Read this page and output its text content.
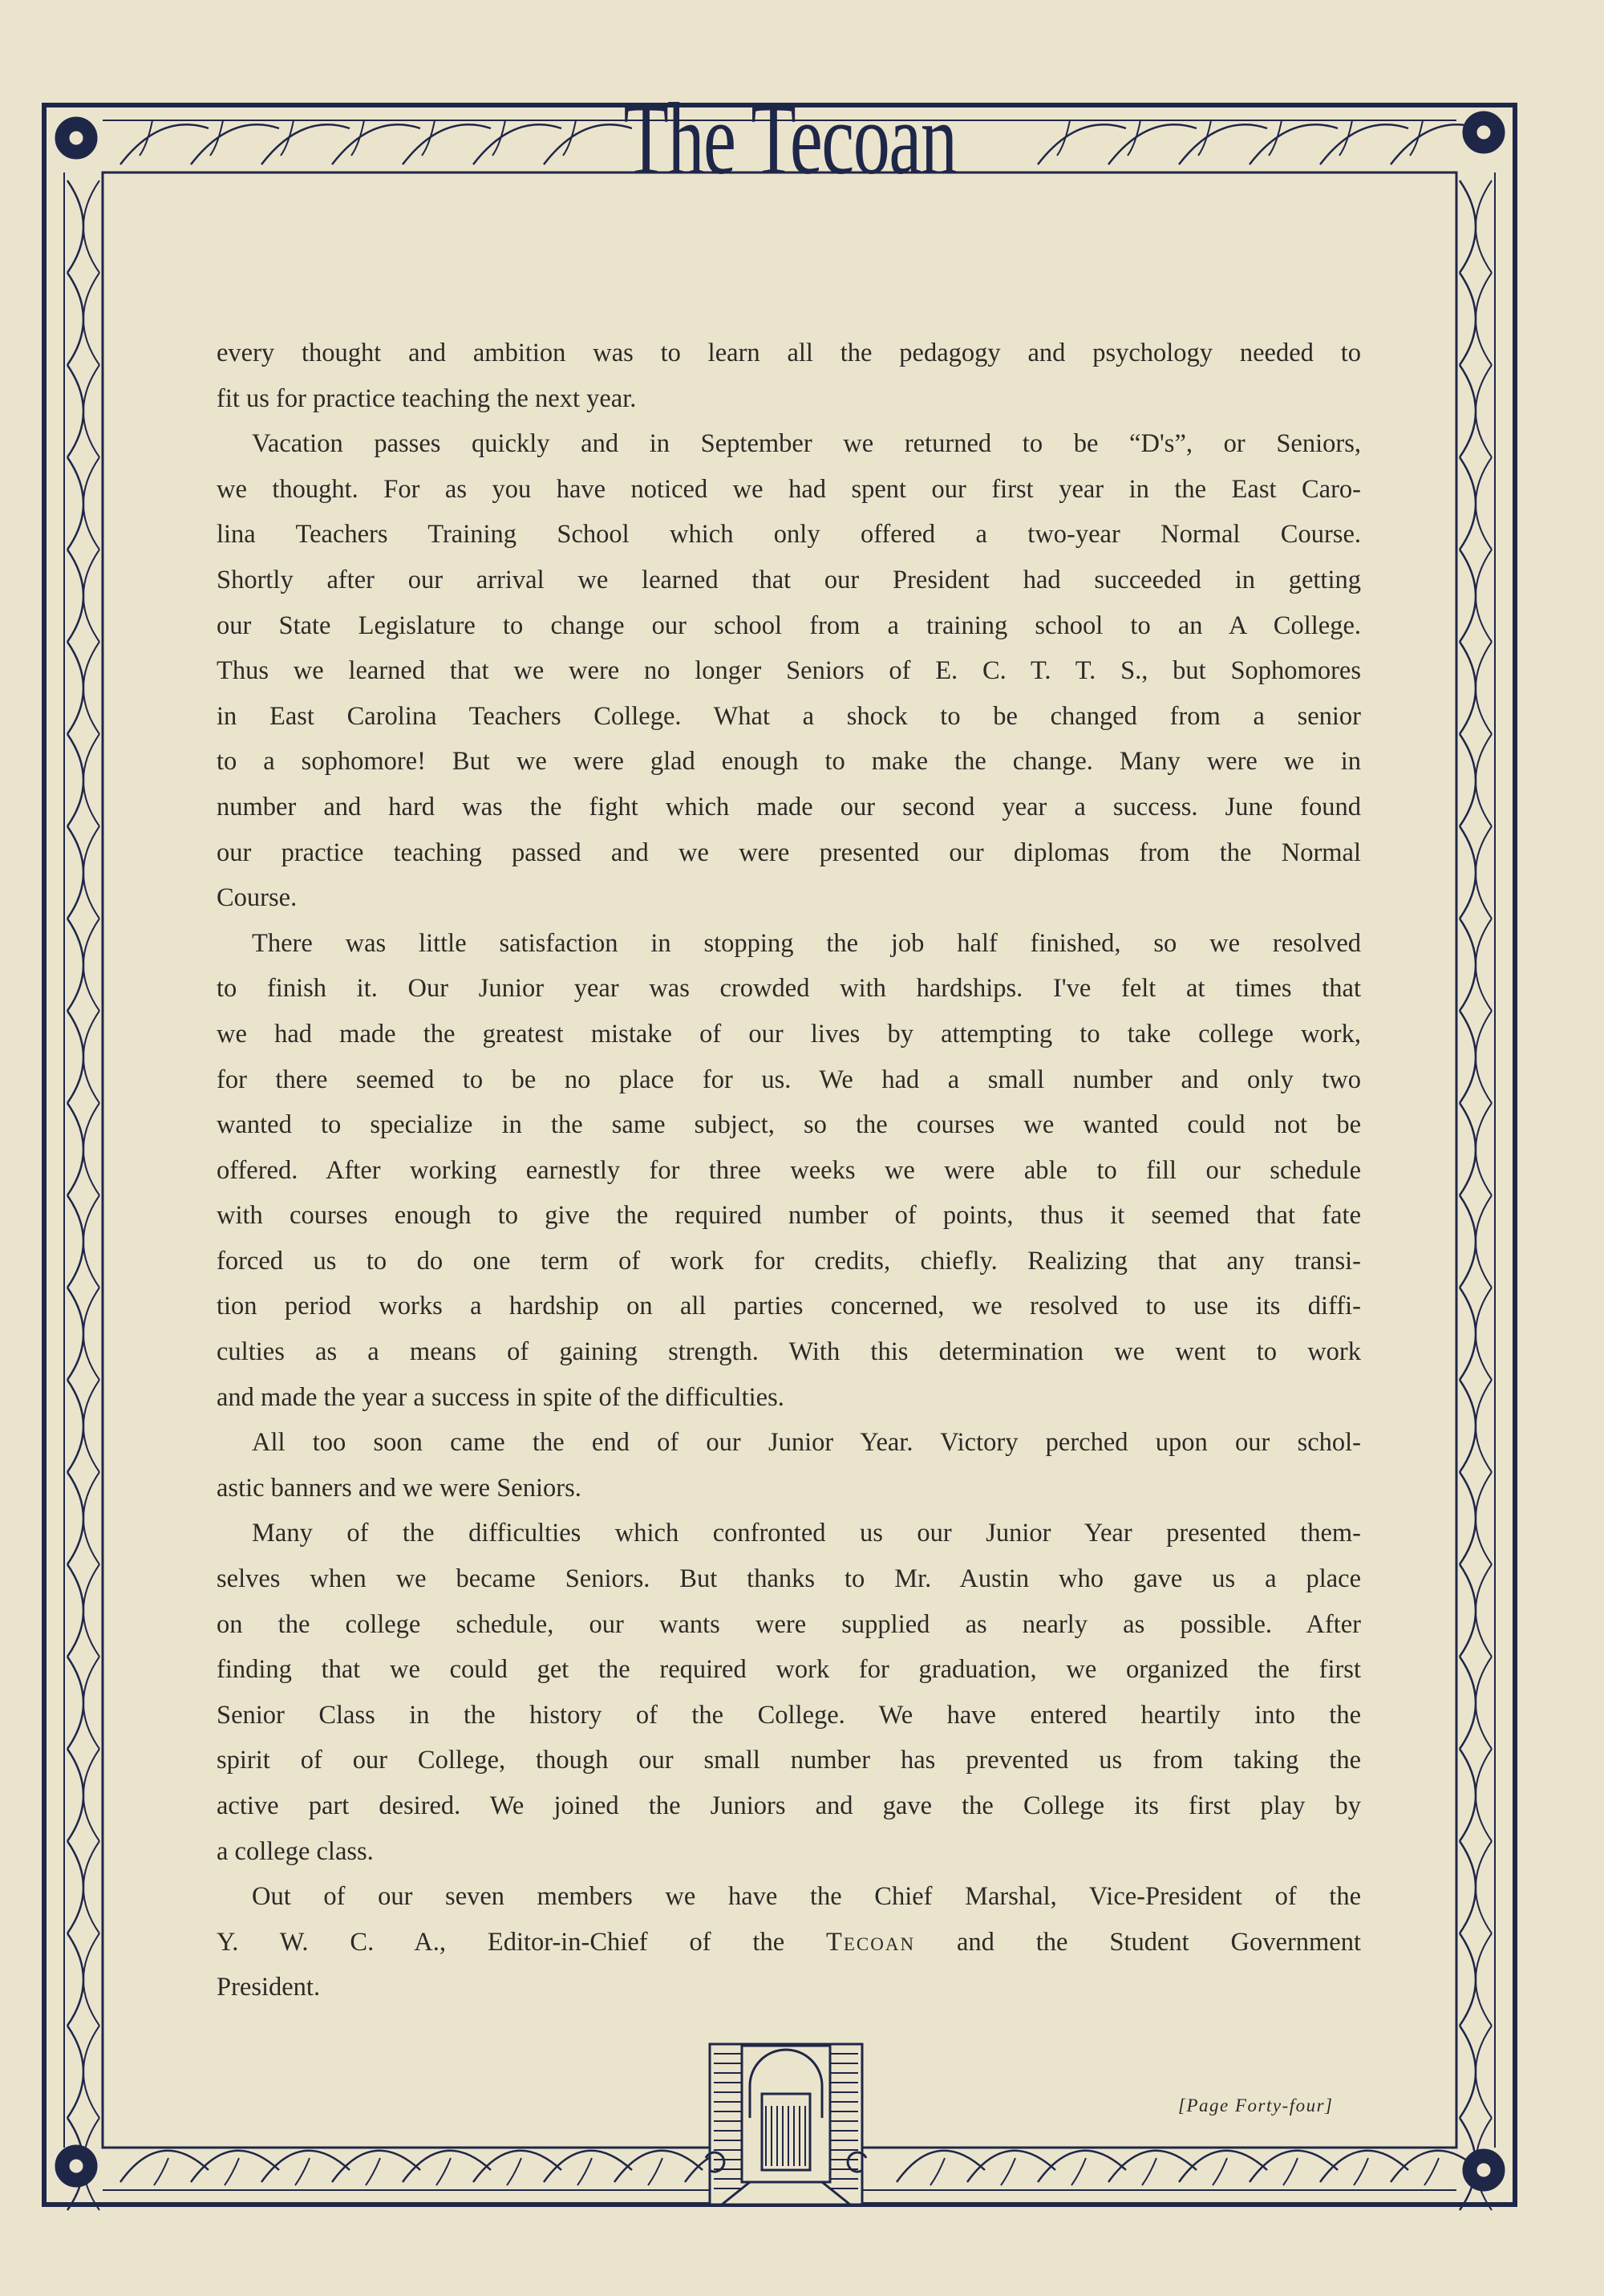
The Tecoan
every thought and ambition was to learn all the pedagogy and psychology needed to
fit us for practice teaching the next year.
Vacation passes quickly and in September we returned to be “D's”, or Seniors,
we thought. For as you have noticed we had spent our first year in the East Caro-
lina Teachers Training School which only offered a two-year Normal Course.
Shortly after our arrival we learned that our President had succeeded in getting
our State Legislature to change our school from a training school to an A College.
Thus we learned that we were no longer Seniors of E. C. T. T. S., but Sophomores
in East Carolina Teachers College. What a shock to be changed from a senior
to a sophomore! But we were glad enough to make the change. Many were we in
number and hard was the fight which made our second year a success. June found
our practice teaching passed and we were presented our diplomas from the Normal
Course.
There was little satisfaction in stopping the job half finished, so we resolved
to finish it. Our Junior year was crowded with hardships. I've felt at times that
we had made the greatest mistake of our lives by attempting to take college work,
for there seemed to be no place for us. We had a small number and only two
wanted to specialize in the same subject, so the courses we wanted could not be
offered. After working earnestly for three weeks we were able to fill our schedule
with courses enough to give the required number of points, thus it seemed that fate
forced us to do one term of work for credits, chiefly. Realizing that any transi-
tion period works a hardship on all parties concerned, we resolved to use its diffi-
culties as a means of gaining strength. With this determination we went to work
and made the year a success in spite of the difficulties.
All too soon came the end of our Junior Year. Victory perched upon our schol-
astic banners and we were Seniors.
Many of the difficulties which confronted us our Junior Year presented them-
selves when we became Seniors. But thanks to Mr. Austin who gave us a place
on the college schedule, our wants were supplied as nearly as possible. After
finding that we could get the required work for graduation, we organized the first
Senior Class in the history of the College. We have entered heartily into the
spirit of our College, though our small number has prevented us from taking the
active part desired. We joined the Juniors and gave the College its first play by
a college class.
Out of our seven members we have the Chief Marshal, Vice-President of the
Y. W. C. A., Editor-in-Chief of the Tecoan and the Student Government
President.
[Page Forty-four]
